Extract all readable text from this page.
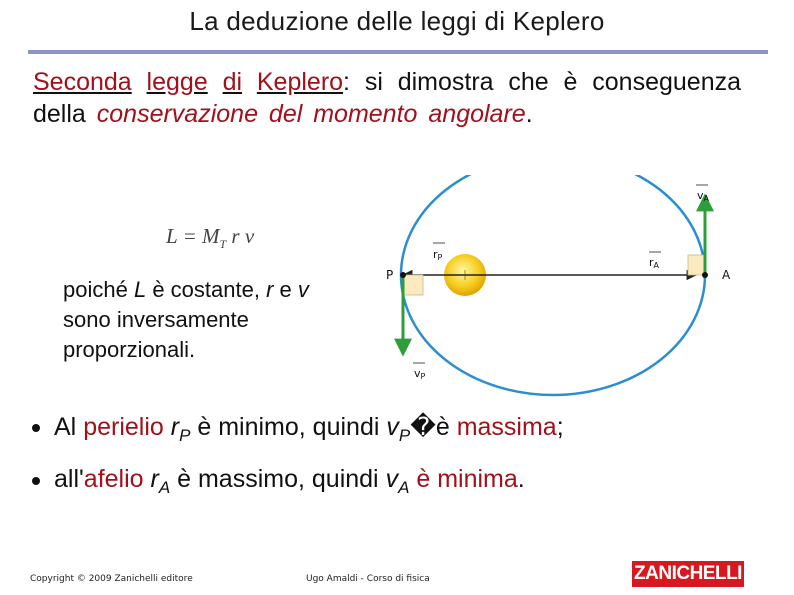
La deduzione delle leggi di Keplero
Seconda legge di Keplero: si dimostra che è conseguenza della conservazione del momento angolare.
$L = M_T$ r v
poiché L è costante, r e v sono inversamente proporzionali.
P	A
rP	rA
vA
vP
Al perielio $r_P$ è minimo, quindi $v_P�è$ massima;
all'afelio $r_A$ è massimo, quindi $v_A$ è minima.
Copyright © 2009 Zanichelli editore	Ugo Amaldi - Corso di fisica	ZANICHELLI
